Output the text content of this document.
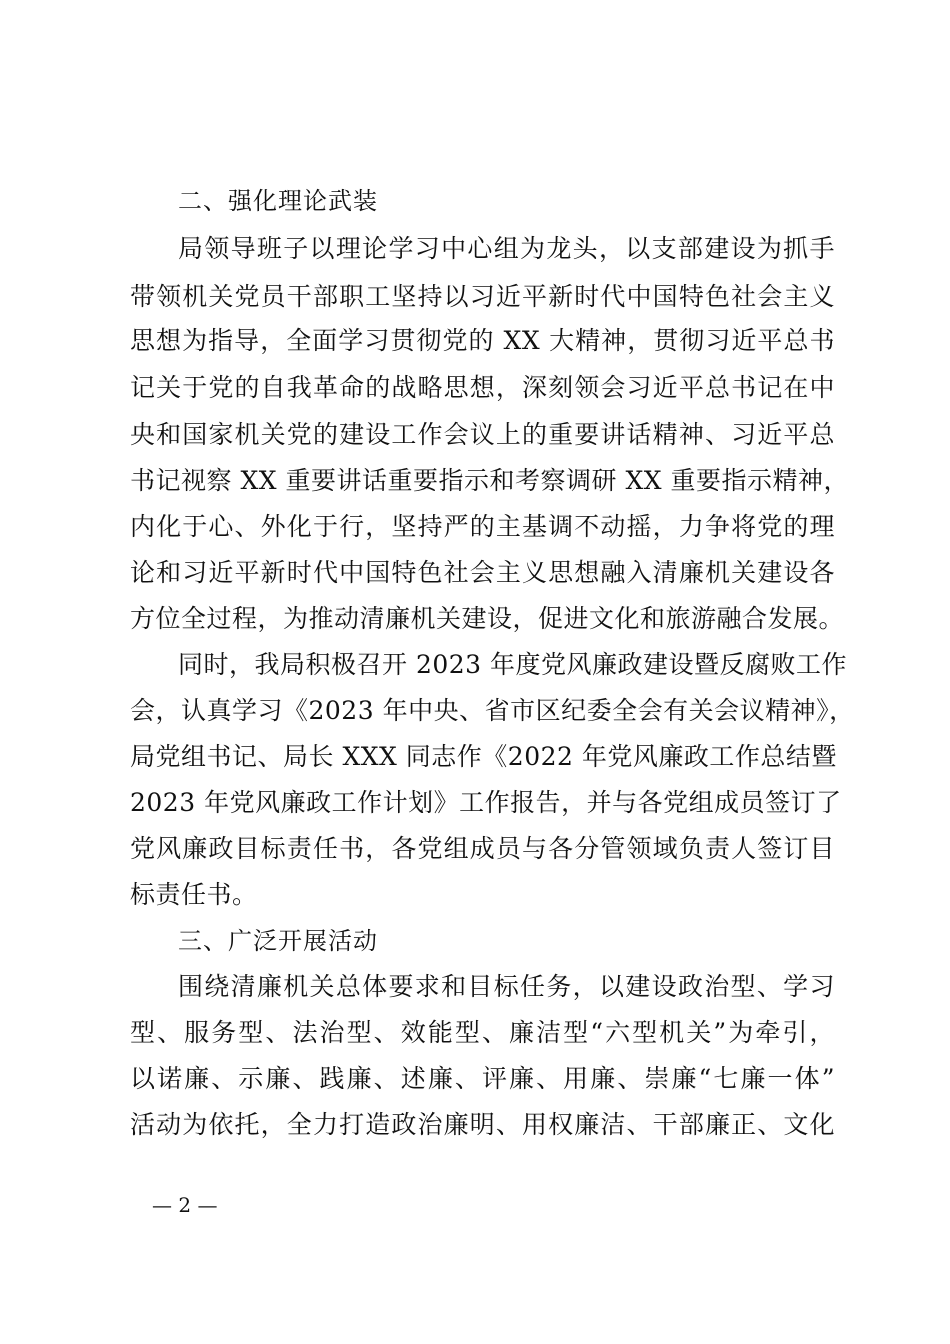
二、强化理论武装
局领导班子以理论学习中心组为龙头，以支部建设为抓手
带领机关党员干部职工坚持以习近平新时代中国特色社会主义
思想为指导，全面学习贯彻党的 XX 大精神，贯彻习近平总书
记关于党的自我革命的战略思想，深刻领会习近平总书记在中
央和国家机关党的建设工作会议上的重要讲话精神、习近平总
书记视察 XX 重要讲话重要指示和考察调研 XX 重要指示精神，
内化于心、外化于行，坚持严的主基调不动摇，力争将党的理
论和习近平新时代中国特色社会主义思想融入清廉机关建设各
方位全过程，为推动清廉机关建设，促进文化和旅游融合发展。
同时，我局积极召开 2023 年度党风廉政建设暨反腐败工作
会，认真学习《2023 年中央、省市区纪委全会有关会议精神》，
局党组书记、局长 XXX 同志作《2022 年党风廉政工作总结暨
2023 年党风廉政工作计划》工作报告，并与各党组成员签订了
党风廉政目标责任书，各党组成员与各分管领域负责人签订目
标责任书。
三、广泛开展活动
围绕清廉机关总体要求和目标任务，以建设政治型、学习
型、服务型、法治型、效能型、廉洁型“六型机关”为牵引，
以诺廉、示廉、践廉、述廉、评廉、用廉、崇廉“七廉一体”
活动为依托，全力打造政治廉明、用权廉洁、干部廉正、文化
— 2 —
